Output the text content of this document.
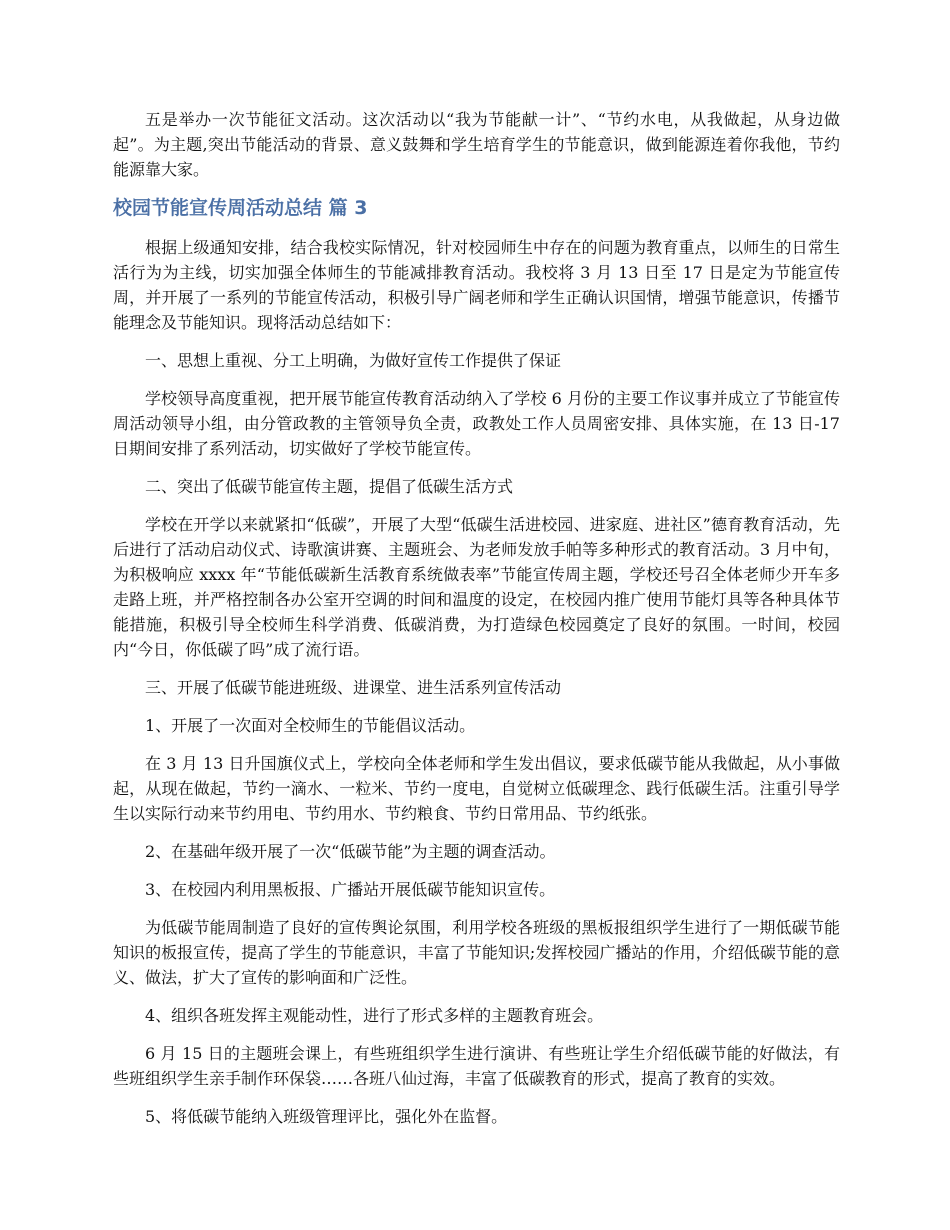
五是举办一次节能征文活动。这次活动以“我为节能献一计”、“节约水电，从我做起，从身边做起”。为主题,突出节能活动的背景、意义鼓舞和学生培育学生的节能意识，做到能源连着你我他，节约能源靠大家。

校园节能宣传周活动总结 篇 3

根据上级通知安排，结合我校实际情况，针对校园师生中存在的问题为教育重点，以师生的日常生活行为为主线，切实加强全体师生的节能减排教育活动。我校将 3 月 13 日至 17 日是定为节能宣传周，并开展了一系列的节能宣传活动，积极引导广阔老师和学生正确认识国情，增强节能意识，传播节能理念及节能知识。现将活动总结如下：

一、思想上重视、分工上明确，为做好宣传工作提供了保证

学校领导高度重视，把开展节能宣传教育活动纳入了学校 6 月份的主要工作议事并成立了节能宣传周活动领导小组，由分管政教的主管领导负全责，政教处工作人员周密安排、具体实施，在 13 日-17 日期间安排了系列活动，切实做好了学校节能宣传。

二、突出了低碳节能宣传主题，提倡了低碳生活方式

学校在开学以来就紧扣“低碳”，开展了大型“低碳生活进校园、进家庭、进社区”德育教育活动，先后进行了活动启动仪式、诗歌演讲赛、主题班会、为老师发放手帕等多种形式的教育活动。3 月中旬，为积极响应 xxxx 年“节能低碳新生活教育系统做表率”节能宣传周主题，学校还号召全体老师少开车多走路上班，并严格控制各办公室开空调的时间和温度的设定，在校园内推广使用节能灯具等各种具体节能措施，积极引导全校师生科学消费、低碳消费，为打造绿色校园奠定了良好的氛围。一时间，校园内“今日，你低碳了吗”成了流行语。

三、开展了低碳节能进班级、进课堂、进生活系列宣传活动

1、开展了一次面对全校师生的节能倡议活动。

在 3 月 13 日升国旗仪式上，学校向全体老师和学生发出倡议，要求低碳节能从我做起，从小事做起，从现在做起，节约一滴水、一粒米、节约一度电，自觉树立低碳理念、践行低碳生活。注重引导学生以实际行动来节约用电、节约用水、节约粮食、节约日常用品、节约纸张。

2、在基础年级开展了一次“低碳节能”为主题的调查活动。

3、在校园内利用黑板报、广播站开展低碳节能知识宣传。

为低碳节能周制造了良好的宣传舆论氛围，利用学校各班级的黑板报组织学生进行了一期低碳节能知识的板报宣传，提高了学生的节能意识，丰富了节能知识;发挥校园广播站的作用，介绍低碳节能的意义、做法，扩大了宣传的影响面和广泛性。

4、组织各班发挥主观能动性，进行了形式多样的主题教育班会。

6 月 15 日的主题班会课上，有些班组织学生进行演讲、有些班让学生介绍低碳节能的好做法，有些班组织学生亲手制作环保袋……各班八仙过海，丰富了低碳教育的形式，提高了教育的实效。

5、将低碳节能纳入班级管理评比，强化外在监督。
